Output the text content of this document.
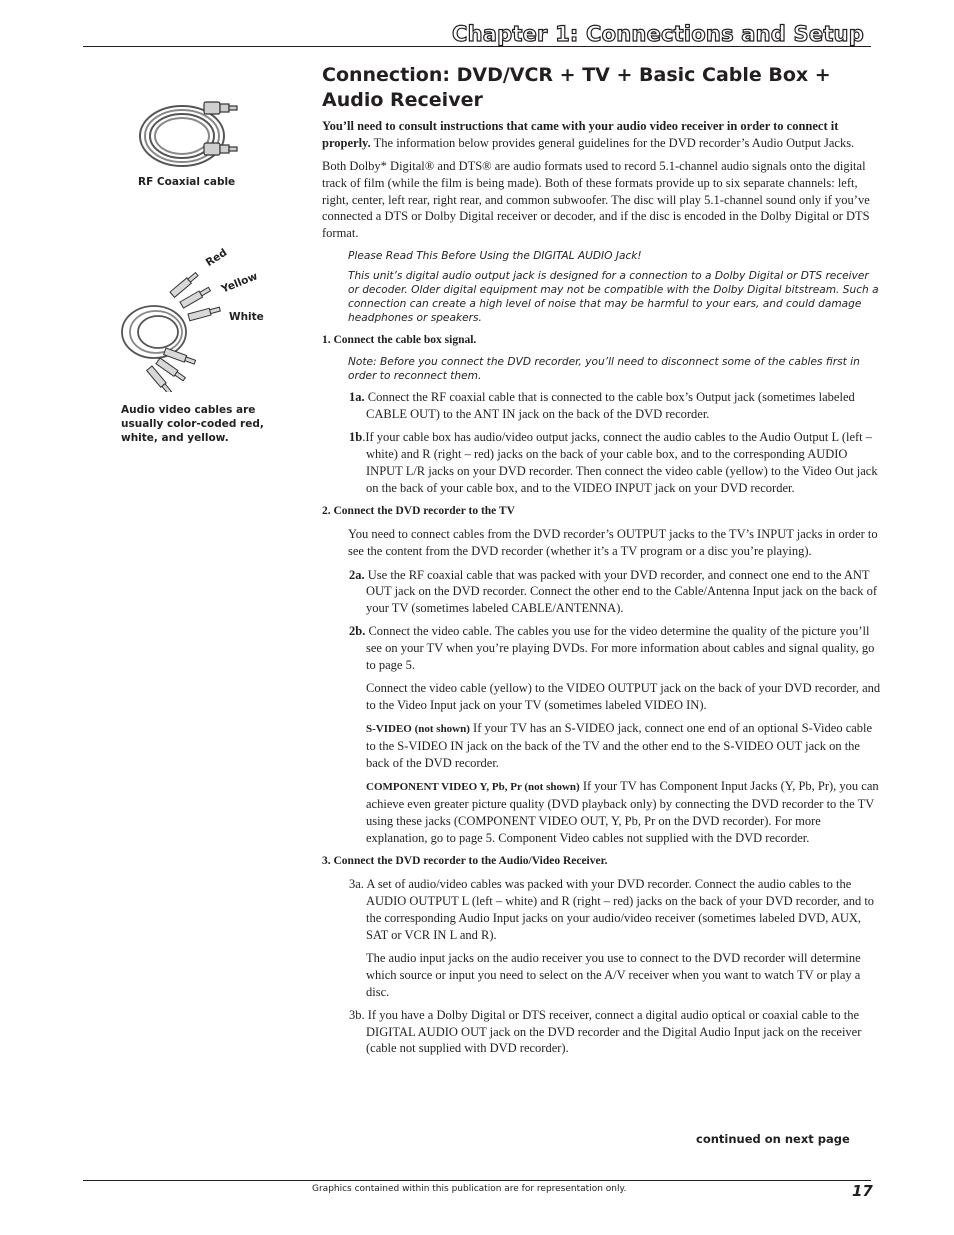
Chapter 1: Connections and Setup
RF Coaxial cable
Red
Yellow
White
Audio video cables are usually color-coded red, white, and yellow.
Connection: DVD/VCR + TV + Basic Cable Box + Audio Receiver

You’ll need to consult instructions that came with your audio video receiver in order to connect it properly. The information below provides general guidelines for the DVD recorder’s Audio Output Jacks.

Both Dolby* Digital® and DTS® are audio formats used to record 5.1-channel audio signals onto the digital track of film (while the film is being made). Both of these formats provide up to six separate channels: left, right, center, left rear, right rear, and common subwoofer. The disc will play 5.1-channel sound only if you’ve connected a DTS or Dolby Digital receiver or decoder, and if the disc is encoded in the Dolby Digital or DTS format.

Please Read This Before Using the DIGITAL AUDIO Jack!

This unit’s digital audio output jack is designed for a connection to a Dolby Digital or DTS receiver or decoder. Older digital equipment may not be compatible with the Dolby Digital bitstream. Such a connection can create a high level of noise that may be harmful to your ears, and could damage headphones or speakers.

1. Connect the cable box signal.

Note: Before you connect the DVD recorder, you’ll need to disconnect some of the cables first in order to reconnect them.

1a. Connect the RF coaxial cable that is connected to the cable box’s Output jack (sometimes labeled CABLE OUT) to the ANT IN jack on the back of the DVD recorder.

1b.If your cable box has audio/video output jacks, connect the audio cables to the Audio Output L (left – white) and R (right – red) jacks on the back of your cable box, and to the corresponding AUDIO INPUT L/R jacks on your DVD recorder. Then connect the video cable (yellow) to the Video Out jack on the back of your cable box, and to the VIDEO INPUT jack on your DVD recorder.

2. Connect the DVD recorder to the TV

You need to connect cables from the DVD recorder’s OUTPUT jacks to the TV’s INPUT jacks in order to see the content from the DVD recorder (whether it’s a TV program or a disc you’re playing).

2a. Use the RF coaxial cable that was packed with your DVD recorder, and connect one end to the ANT OUT jack on the DVD recorder. Connect the other end to the Cable/Antenna Input jack on the back of your TV (sometimes labeled CABLE/ANTENNA).

2b. Connect the video cable. The cables you use for the video determine the quality of the picture you’ll see on your TV when you’re playing DVDs. For more information about cables and signal quality, go to page 5.

Connect the video cable (yellow) to the VIDEO OUTPUT jack on the back of your DVD recorder, and to the Video Input jack on your TV (sometimes labeled VIDEO IN).

S-VIDEO (not shown) If your TV has an S-VIDEO jack, connect one end of an optional S-Video cable to the S-VIDEO IN jack on the back of the TV and the other end to the S-VIDEO OUT jack on the back of the DVD recorder.

COMPONENT VIDEO Y, Pb, Pr (not shown) If your TV has Component Input Jacks (Y, Pb, Pr), you can achieve even greater picture quality (DVD playback only) by connecting the DVD recorder to the TV using these jacks (COMPONENT VIDEO OUT, Y, Pb, Pr on the DVD recorder). For more explanation, go to page 5. Component Video cables not supplied with the DVD recorder.

3. Connect the DVD recorder to the Audio/Video Receiver.

3a. A set of audio/video cables was packed with your DVD recorder. Connect the audio cables to the AUDIO OUTPUT L (left – white) and R (right – red) jacks on the back of your DVD recorder, and to the corresponding Audio Input jacks on your audio/video receiver (sometimes labeled DVD, AUX, SAT or VCR IN L and R).

The audio input jacks on the audio receiver you use to connect to the DVD recorder will determine which source or input you need to select on the A/V receiver when you want to watch TV or play a disc.

3b. If you have a Dolby Digital or DTS receiver, connect a digital audio optical or coaxial cable to the DIGITAL AUDIO OUT jack on the DVD recorder and the Digital Audio Input jack on the receiver (cable not supplied with DVD recorder).

continued on next page
Graphics contained within this publication are for representation only.	17
